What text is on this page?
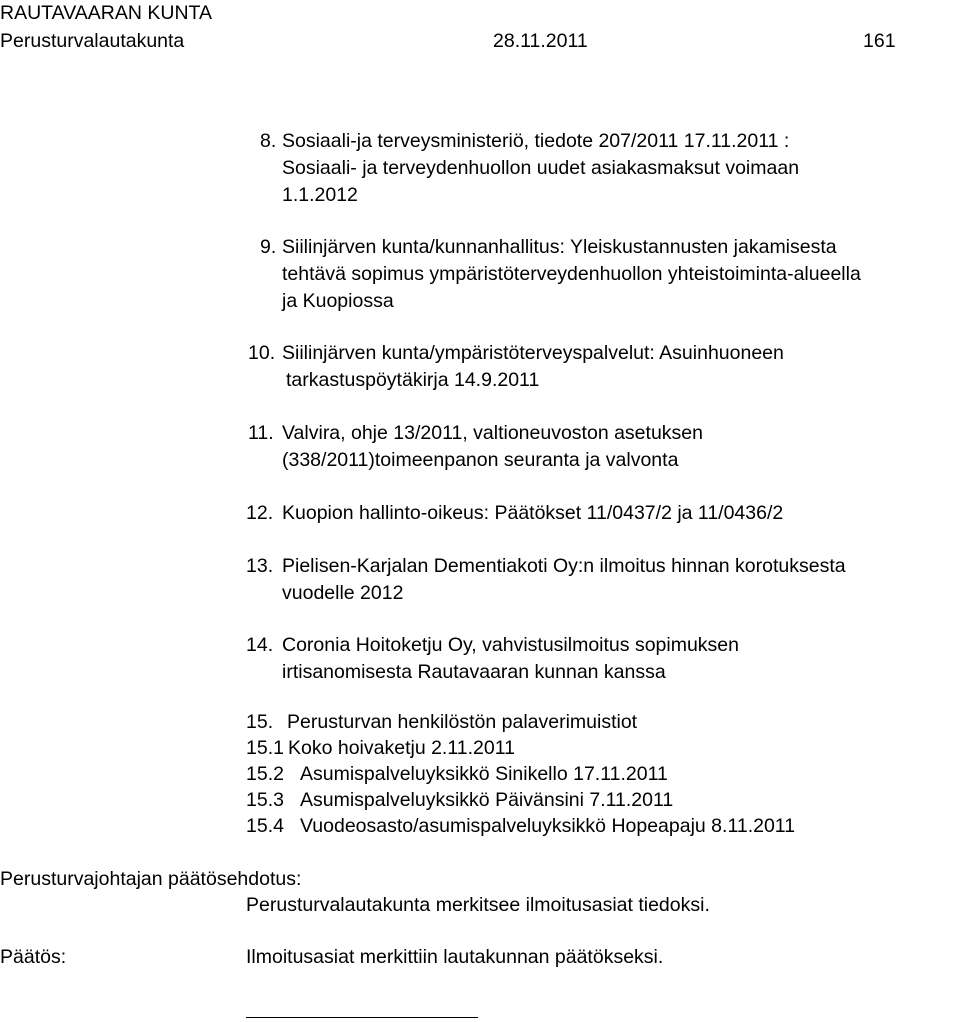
RAUTAVAARAN KUNTA
Perusturvalautakunta	28.11.2011	161
8. Sosiaali-ja terveysministeriö, tiedote 207/2011 17.11.2011 :
Sosiaali- ja terveydenhuollon uudet asiakasmaksut voimaan
1.1.2012
9. Siilinjärven kunta/kunnanhallitus: Yleiskustannusten jakamisesta
tehtävä sopimus ympäristöterveydenhuollon yhteistoiminta-alueella
ja Kuopiossa
10. Siilinjärven kunta/ympäristöterveyspalvelut: Asuinhuoneen
tarkastuspöytäkirja 14.9.2011
11. Valvira, ohje 13/2011, valtioneuvoston asetuksen
(338/2011)toimeenpanon seuranta ja valvonta
12. Kuopion hallinto-oikeus: Päätökset 11/0437/2 ja 11/0436/2
13. Pielisen-Karjalan Dementiakoti Oy:n ilmoitus hinnan korotuksesta
vuodelle 2012
14. Coronia Hoitoketju Oy, vahvistusilmoitus sopimuksen
irtisanomisesta Rautavaaran kunnan kanssa
15. Perusturvan henkilöstön palaverimuistiot
15.1 Koko hoivaketju 2.11.2011
15.2 Asumispalveluyksikkö Sinikello 17.11.2011
15.3 Asumispalveluyksikkö Päivänsini 7.11.2011
15.4 Vuodeosasto/asumispalveluyksikkö Hopeapaju 8.11.2011
Perusturvajohtajan päätösehdotus:
Perusturvalautakunta merkitsee ilmoitusasiat tiedoksi.
Päätös:	Ilmoitusasiat merkittiin lautakunnan päätökseksi.
